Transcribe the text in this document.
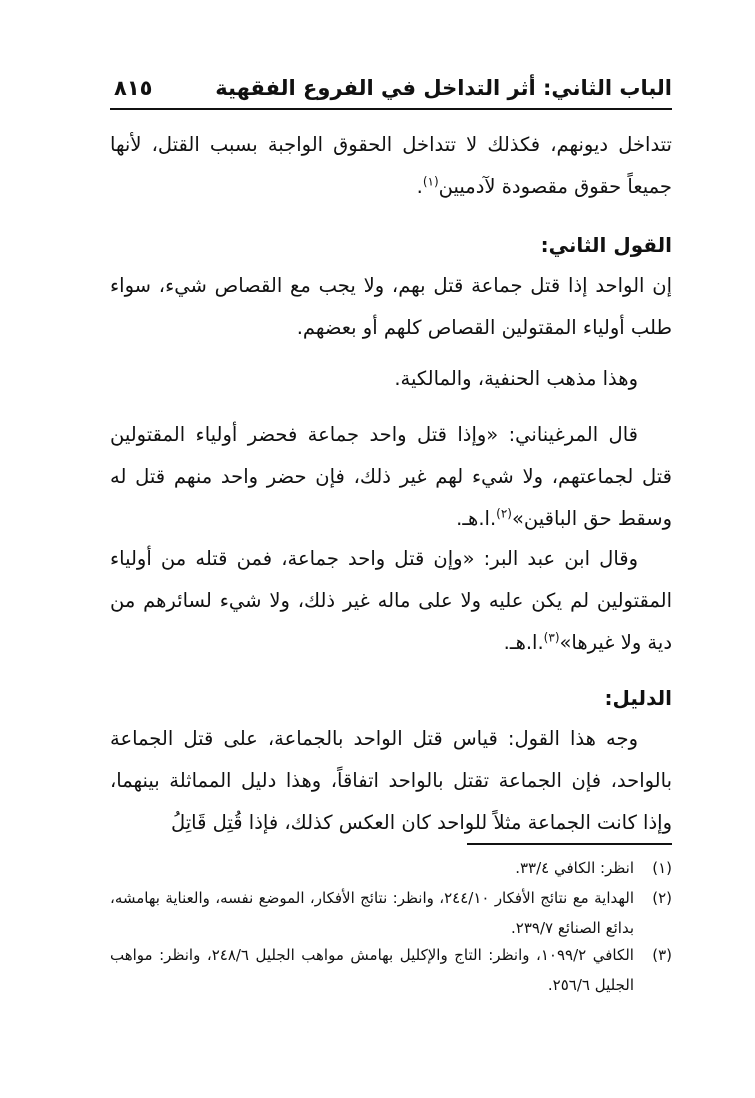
الباب الثاني: أثر التداخل في الفروع الفقهية
٨١٥
تتداخل ديونهم، فكذلك لا تتداخل الحقوق الواجبة بسبب القتل، لأنها جميعاً حقوق مقصودة لآدميين$^{(١)}$.
القول الثاني:
إن الواحد إذا قتل جماعة قتل بهم، ولا يجب مع القصاص شيء، سواء طلب أولياء المقتولين القصاص كلهم أو بعضهم.
وهذا مذهب الحنفية، والمالكية.
قال المرغيناني: «وإذا قتل واحد جماعة فحضر أولياء المقتولين قتل لجماعتهم، ولا شيء لهم غير ذلك، فإن حضر واحد منهم قتل له وسقط حق الباقين»$^{(٢)}$.ا.هـ.
وقال ابن عبد البر: «وإن قتل واحد جماعة، فمن قتله من أولياء المقتولين لم يكن عليه ولا على ماله غير ذلك، ولا شيء لسائرهم من دية ولا غيرها»$^{(٣)}$.ا.هـ.
الدليل:
وجه هذا القول: قياس قتل الواحد بالجماعة، على قتل الجماعة بالواحد، فإن الجماعة تقتل بالواحد اتفاقاً، وهذا دليل المماثلة بينهما، وإذا كانت الجماعة مثلاً للواحد كان العكس كذلك، فإذا قُتِل قَاتِلُ
(١)
انظر: الكافي ٣٣/٤.
(٢)
الهداية مع نتائج الأفكار ٢٤٤/١٠، وانظر: نتائج الأفكار، الموضع نفسه، والعناية بهامشه، بدائع الصنائع ٢٣٩/٧.
(٣)
الكافي ١٠٩٩/٢، وانظر: التاج والإكليل بهامش مواهب الجليل ٢٤٨/٦، وانظر: مواهب الجليل ٢٥٦/٦.
